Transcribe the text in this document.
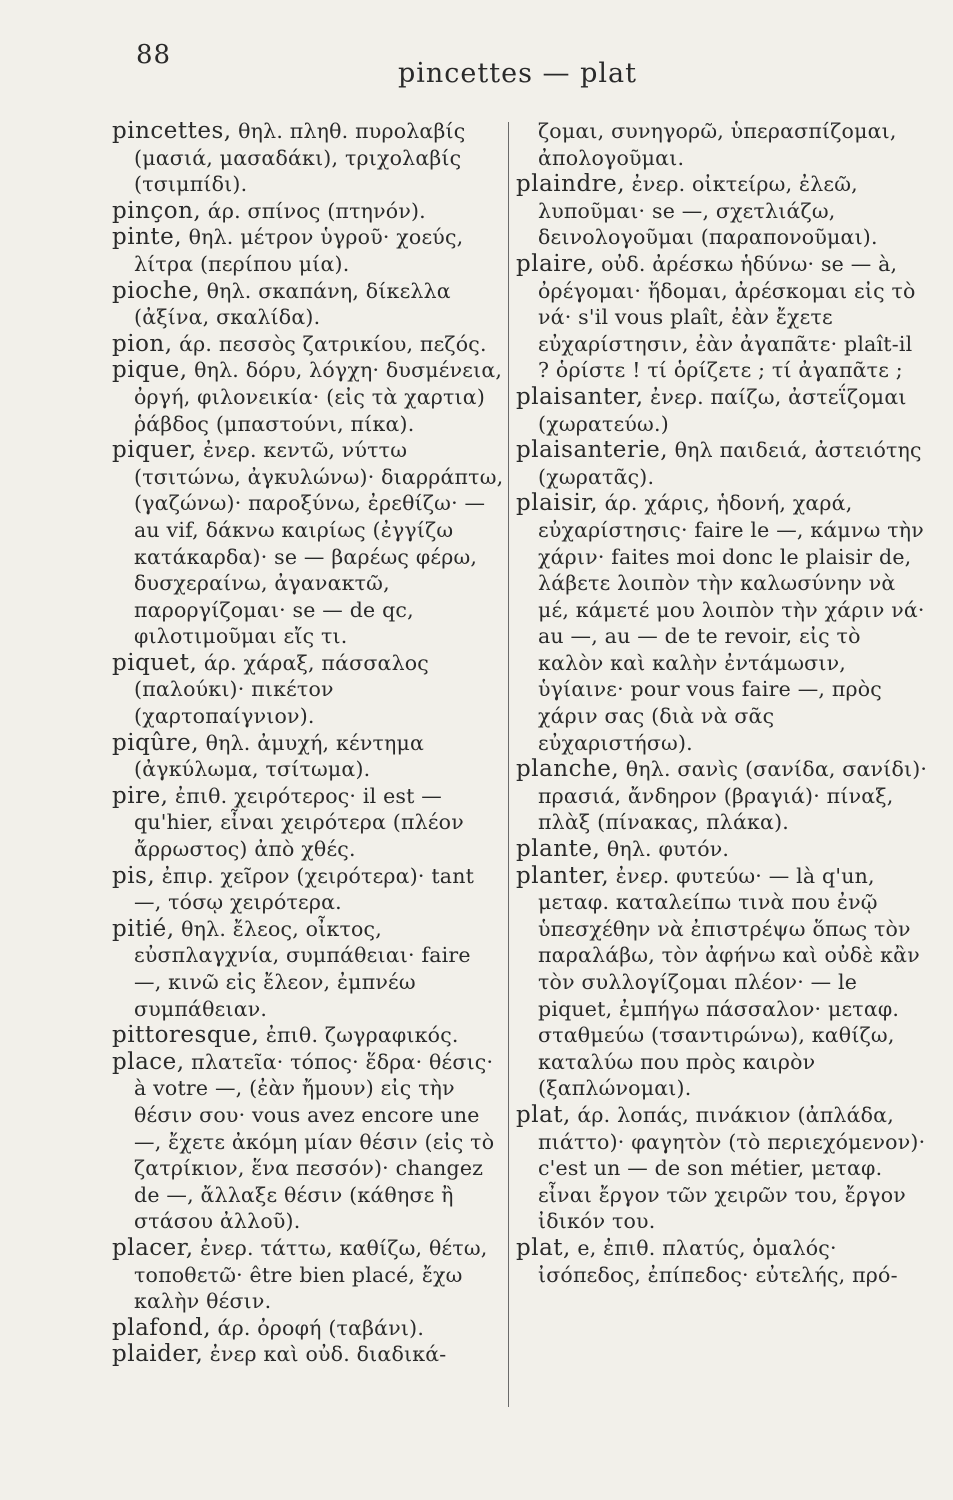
88
pincettes — plat

pincettes, θηλ. πληθ. πυρολαβίς (μασιά, μασαδάκι), τριχολαβίς (τσιμπίδι).

pinçon, άρ. σπίνος (πτηνόν).

pinte, θηλ. μέτρον ὑγροῦ· χοεύς, λίτρα (περίπου μία).

pioche, θηλ. σκαπάνη, δίκελλα (ἀξίνα, σκαλίδα).

pion, άρ. πεσσὸς ζατρικίου, πεζός.

pique, θηλ. δόρυ, λόγχη· δυσμένεια, ὀργή, φιλονεικία· (εἰς τὰ χαρτια) ῥάβδος (μπαστούνι, πίκα).

piquer, ἐνερ. κεντῶ, νύττω (τσιτώνω, ἀγκυλώνω)· διαρράπτω, (γαζώνω)· παροξύνω, ἐρεθίζω· — au vif, δάκνω καιρίως (ἐγγίζω κατάκαρδα)· se — βαρέως φέρω, δυσχεραίνω, ἀγανακτῶ, παροργίζομαι· se — de qc, φιλοτιμοῦμαι εἴς τι.

piquet, άρ. χάραξ, πάσσαλος (παλούκι)· πικέτον (χαρτοπαίγνιον).

piqûre, θηλ. ἀμυχή, κέντημα (ἀγκύλωμα, τσίτωμα).

pire, ἐπιθ. χειρότερος· il est — qu'hier, εἶναι χειρότερα (πλέον ἄρρωστος) ἀπὸ χθές.

pis, ἐπιρ. χεῖρον (χειρότερα)· tant —, τόσῳ χειρότερα.

pitié, θηλ. ἔλεος, οἶκτος, εὐσπλαγχνία, συμπάθειαι· faire —, κινῶ εἰς ἔλεον, ἐμπνέω συμπάθειαν.

pittoresque, ἐπιθ. ζωγραφικός.

place, πλατεῖα· τόπος· ἕδρα· θέσις· à votre —, (ἐὰν ἤμουν) εἰς τὴν θέσιν σου· vous avez encore une —, ἔχετε ἀκόμη μίαν θέσιν (εἰς τὸ ζατρίκιον, ἕνα πεσσόν)· changez de —, ἄλλαξε θέσιν (κάθησε ἢ στάσου ἀλλοῦ).

placer, ἐνερ. τάττω, καθίζω, θέτω, τοποθετῶ· être bien placé, ἔχω καλὴν θέσιν.

plafond, άρ. ὀροφή (ταβάνι).

plaider, ἐνερ καὶ οὐδ. διαδικά-

ζομαι, συνηγορῶ, ὑπερασπίζομαι, ἀπολογοῦμαι.

plaindre, ἐνερ. οἰκτείρω, ἐλεῶ, λυποῦμαι· se —, σχετλιάζω, δεινολογοῦμαι (παραπονοῦμαι).

plaire, οὐδ. ἀρέσκω ἡδύνω· se — à, ὀρέγομαι· ἥδομαι, ἀρέσκομαι εἰς τὸ νά· s'il vous plaît, ἐὰν ἔχετε εὐχαρίστησιν, ἐὰν ἀγαπᾶτε· plaît-il ? ὁρίστε ! τί ὁρίζετε ; τί ἀγαπᾶτε ;

plaisanter, ἐνερ. παίζω, ἀστεΐζομαι (χωρατεύω.)

plaisanterie, θηλ παιδειά, ἀστειότης (χωρατᾶς).

plaisir, άρ. χάρις, ἡδονή, χαρά, εὐχαρίστησις· faire le —, κάμνω τὴν χάριν· faites moi donc le plaisir de, λάβετε λοιπὸν τὴν καλωσύνην νὰ μέ, κάμετέ μου λοιπὸν τὴν χάριν νά· au —, au — de te revoir, εἰς τὸ καλὸν καὶ καλὴν ἐντάμωσιν, ὑγίαινε· pour vous faire —, πρὸς χάριν σας (διὰ νὰ σᾶς εὐχαριστήσω).

planche, θηλ. σανὶς (σανίδα, σανίδι)· πρασιά, ἄνδηρον (βραγιά)· πίναξ, πλὰξ (πίνακας, πλάκα).

plante, θηλ. φυτόν.

planter, ἐνερ. φυτεύω· — là q'un, μεταφ. καταλείπω τινὰ που ἐνῷ ὑπεσχέθην νὰ ἐπιστρέψω ὅπως τὸν παραλάβω, τὸν ἀφήνω καὶ οὐδὲ κἂν τὸν συλλογίζομαι πλέον· — le piquet, ἐμπήγω πάσσαλον· μεταφ. σταθμεύω (τσαντιρώνω), καθίζω, καταλύω που πρὸς καιρὸν (ξαπλώνομαι).

plat, άρ. λοπάς, πινάκιον (ἀπλάδα, πιάττο)· φαγητὸν (τὸ περιεχόμενον)· c'est un — de son métier, μεταφ. εἶναι ἔργον τῶν χειρῶν του, ἔργον ἰδικόν του.

plat, e, ἐπιθ. πλατύς, ὁμαλός· ἰσόπεδος, ἐπίπεδος· εὐτελής, πρό-
